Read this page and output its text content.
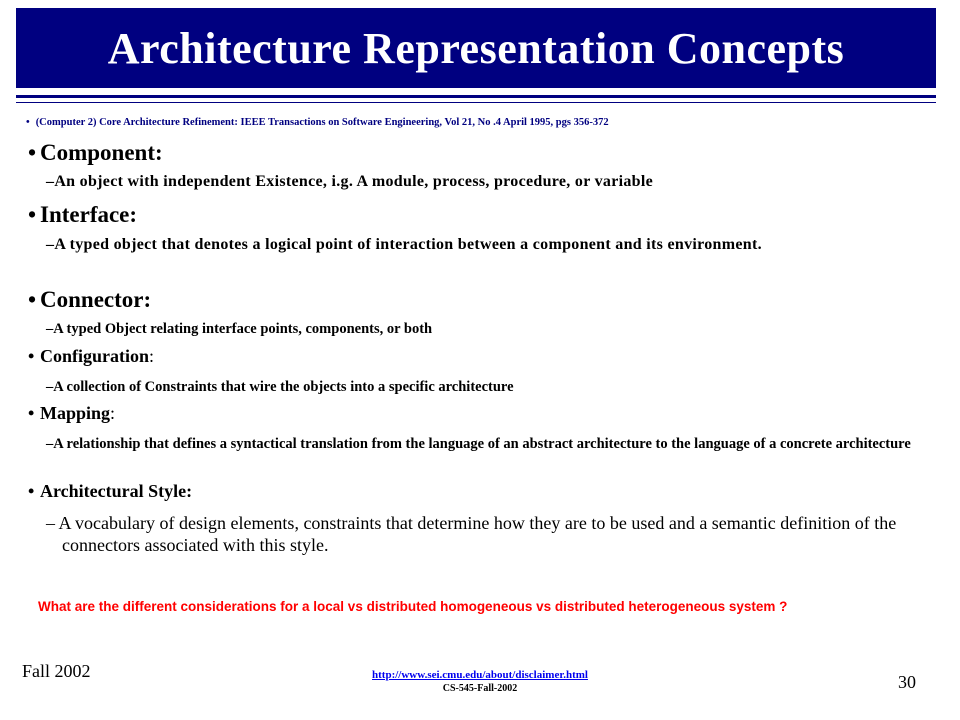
Architecture Representation Concepts
• (Computer 2) Core Architecture Refinement: IEEE Transactions on Software Engineering, Vol 21, No .4 April 1995, pgs 356-372
• Component:
–An object with independent Existence, i.g. A module, process, procedure, or variable
• Interface:
–A typed object that denotes a logical point of interaction between a component and its environment.
• Connector:
–A typed Object relating interface points, components, or both
• Configuration:
–A collection of Constraints that wire the objects into a specific architecture
• Mapping:
–A relationship that defines a syntactical translation from the language of an abstract architecture to the language of a concrete architecture
• Architectural Style:
– A vocabulary of design elements, constraints that determine how they are to be used and a semantic definition of the connectors associated with this style.
What are the different considerations for a local vs distributed homogeneous vs distributed heterogeneous system ?
Fall 2002	http://www.sei.cmu.edu/about/disclaimer.html
CS-545-Fall-2002	30
